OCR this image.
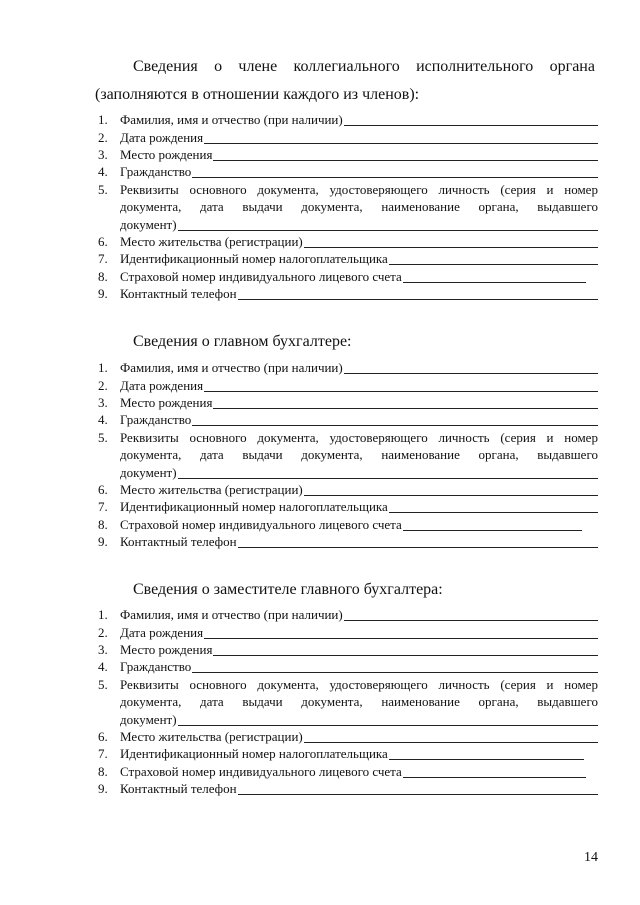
Сведения о члене коллегиального исполнительного органа
(заполняются в отношении каждого из членов):
1. Фамилия, имя и отчество (при наличии)
2. Дата рождения
3. Место рождения
4. Гражданство
5. Реквизиты основного документа, удостоверяющего личность (серия и номер
документа, дата выдачи документа, наименование органа, выдавшего
документ)
6. Место жительства (регистрации)
7. Идентификационный номер налогоплательщика
8. Страховой номер индивидуального лицевого счета
9. Контактный телефон
Сведения о главном бухгалтере:
1. Фамилия, имя и отчество (при наличии)
2. Дата рождения
3. Место рождения
4. Гражданство
5. Реквизиты основного документа, удостоверяющего личность (серия и номер
документа, дата выдачи документа, наименование органа, выдавшего
документ)
6. Место жительства (регистрации)
7. Идентификационный номер налогоплательщика
8. Страховой номер индивидуального лицевого счета
9. Контактный телефон
Сведения о заместителе главного бухгалтера:
1. Фамилия, имя и отчество (при наличии)
2. Дата рождения
3. Место рождения
4. Гражданство
5. Реквизиты основного документа, удостоверяющего личность (серия и номер
документа, дата выдачи документа, наименование органа, выдавшего
документ)
6. Место жительства (регистрации)
7. Идентификационный номер налогоплательщика
8. Страховой номер индивидуального лицевого счета
9. Контактный телефон
14
